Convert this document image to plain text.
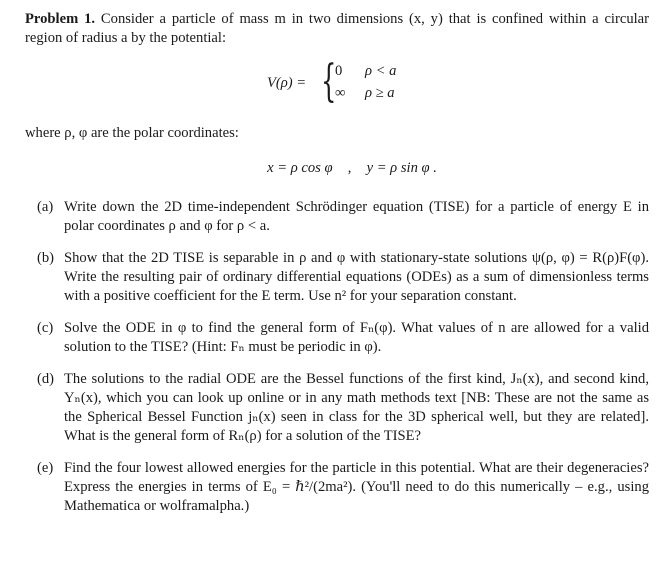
Problem 1. Consider a particle of mass m in two dimensions (x, y) that is confined within a circular region of radius a by the potential:

V(ρ) = {
0 ρ < a
∞ ρ ≥ a

where ρ, φ are the polar coordinates:

x = ρ cos φ , y = ρ sin φ .
(a) Write down the 2D time-independent Schrödinger equation (TISE) for a particle of energy E in polar coordinates ρ and φ for ρ < a.
(b) Show that the 2D TISE is separable in ρ and φ with stationary-state solutions ψ(ρ, φ) = R(ρ)F(φ). Write the resulting pair of ordinary differential equations (ODEs) as a sum of dimensionless terms with a positive coefficient for the E term. Use n² for your separation constant.
(c) Solve the ODE in φ to find the general form of Fₙ(φ). What values of n are allowed for a valid solution to the TISE? (Hint: Fₙ must be periodic in φ).
(d) The solutions to the radial ODE are the Bessel functions of the first kind, Jₙ(x), and second kind, Yₙ(x), which you can look up online or in any math methods text [NB: These are not the same as the Spherical Bessel Function jₙ(x) seen in class for the 3D spherical well, but they are related]. What is the general form of Rₙ(ρ) for a solution of the TISE?
(e) Find the four lowest allowed energies for the particle in this potential. What are their degeneracies? Express the energies in terms of E₀ = ℏ²/(2ma²). (You'll need to do this numerically – e.g., using Mathematica or wolframalpha.)
